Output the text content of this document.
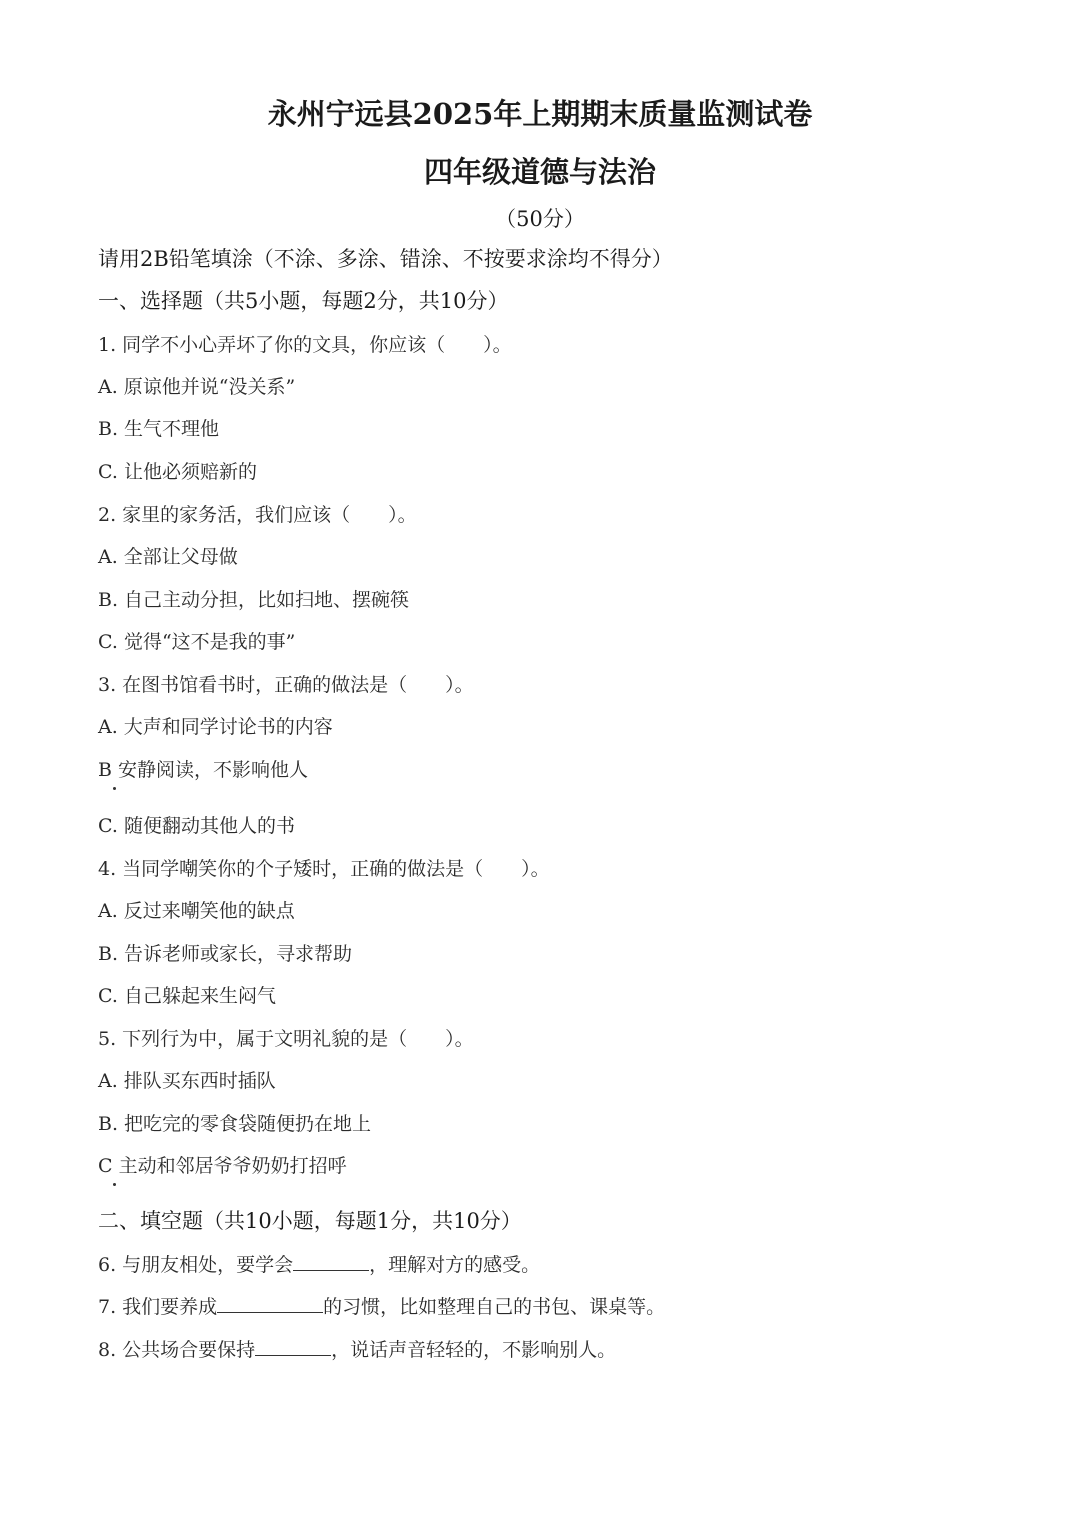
永州宁远县2025年上期期末质量监测试卷
四年级道德与法治
（50分）
请用2B铅笔填涂（不涂、多涂、错涂、不按要求涂均不得分）
一、选择题（共5小题，每题2分，共10分）
1. 同学不小心弄坏了你的文具，你应该（　　）。
A. 原谅他并说“没关系”
B. 生气不理他
C. 让他必须赔新的
2. 家里的家务活，我们应该（　　）。
A. 全部让父母做
B. 自己主动分担，比如扫地、摆碗筷
C. 觉得“这不是我的事”
3. 在图书馆看书时，正确的做法是（　　）。
A. 大声和同学讨论书的内容
B 安静阅读，不影响他人
C. 随便翻动其他人的书
4. 当同学嘲笑你的个子矮时，正确的做法是（　　）。
A. 反过来嘲笑他的缺点
B. 告诉老师或家长，寻求帮助
C. 自己躲起来生闷气
5. 下列行为中，属于文明礼貌的是（　　）。
A. 排队买东西时插队
B. 把吃完的零食袋随便扔在地上
C 主动和邻居爷爷奶奶打招呼
二、填空题（共10小题，每题1分，共10分）
6. 与朋友相处，要学会	，理解对方的感受。
7. 我们要养成	的习惯，比如整理自己的书包、课桌等。
8. 公共场合要保持	，说话声音轻轻的，不影响别人。
